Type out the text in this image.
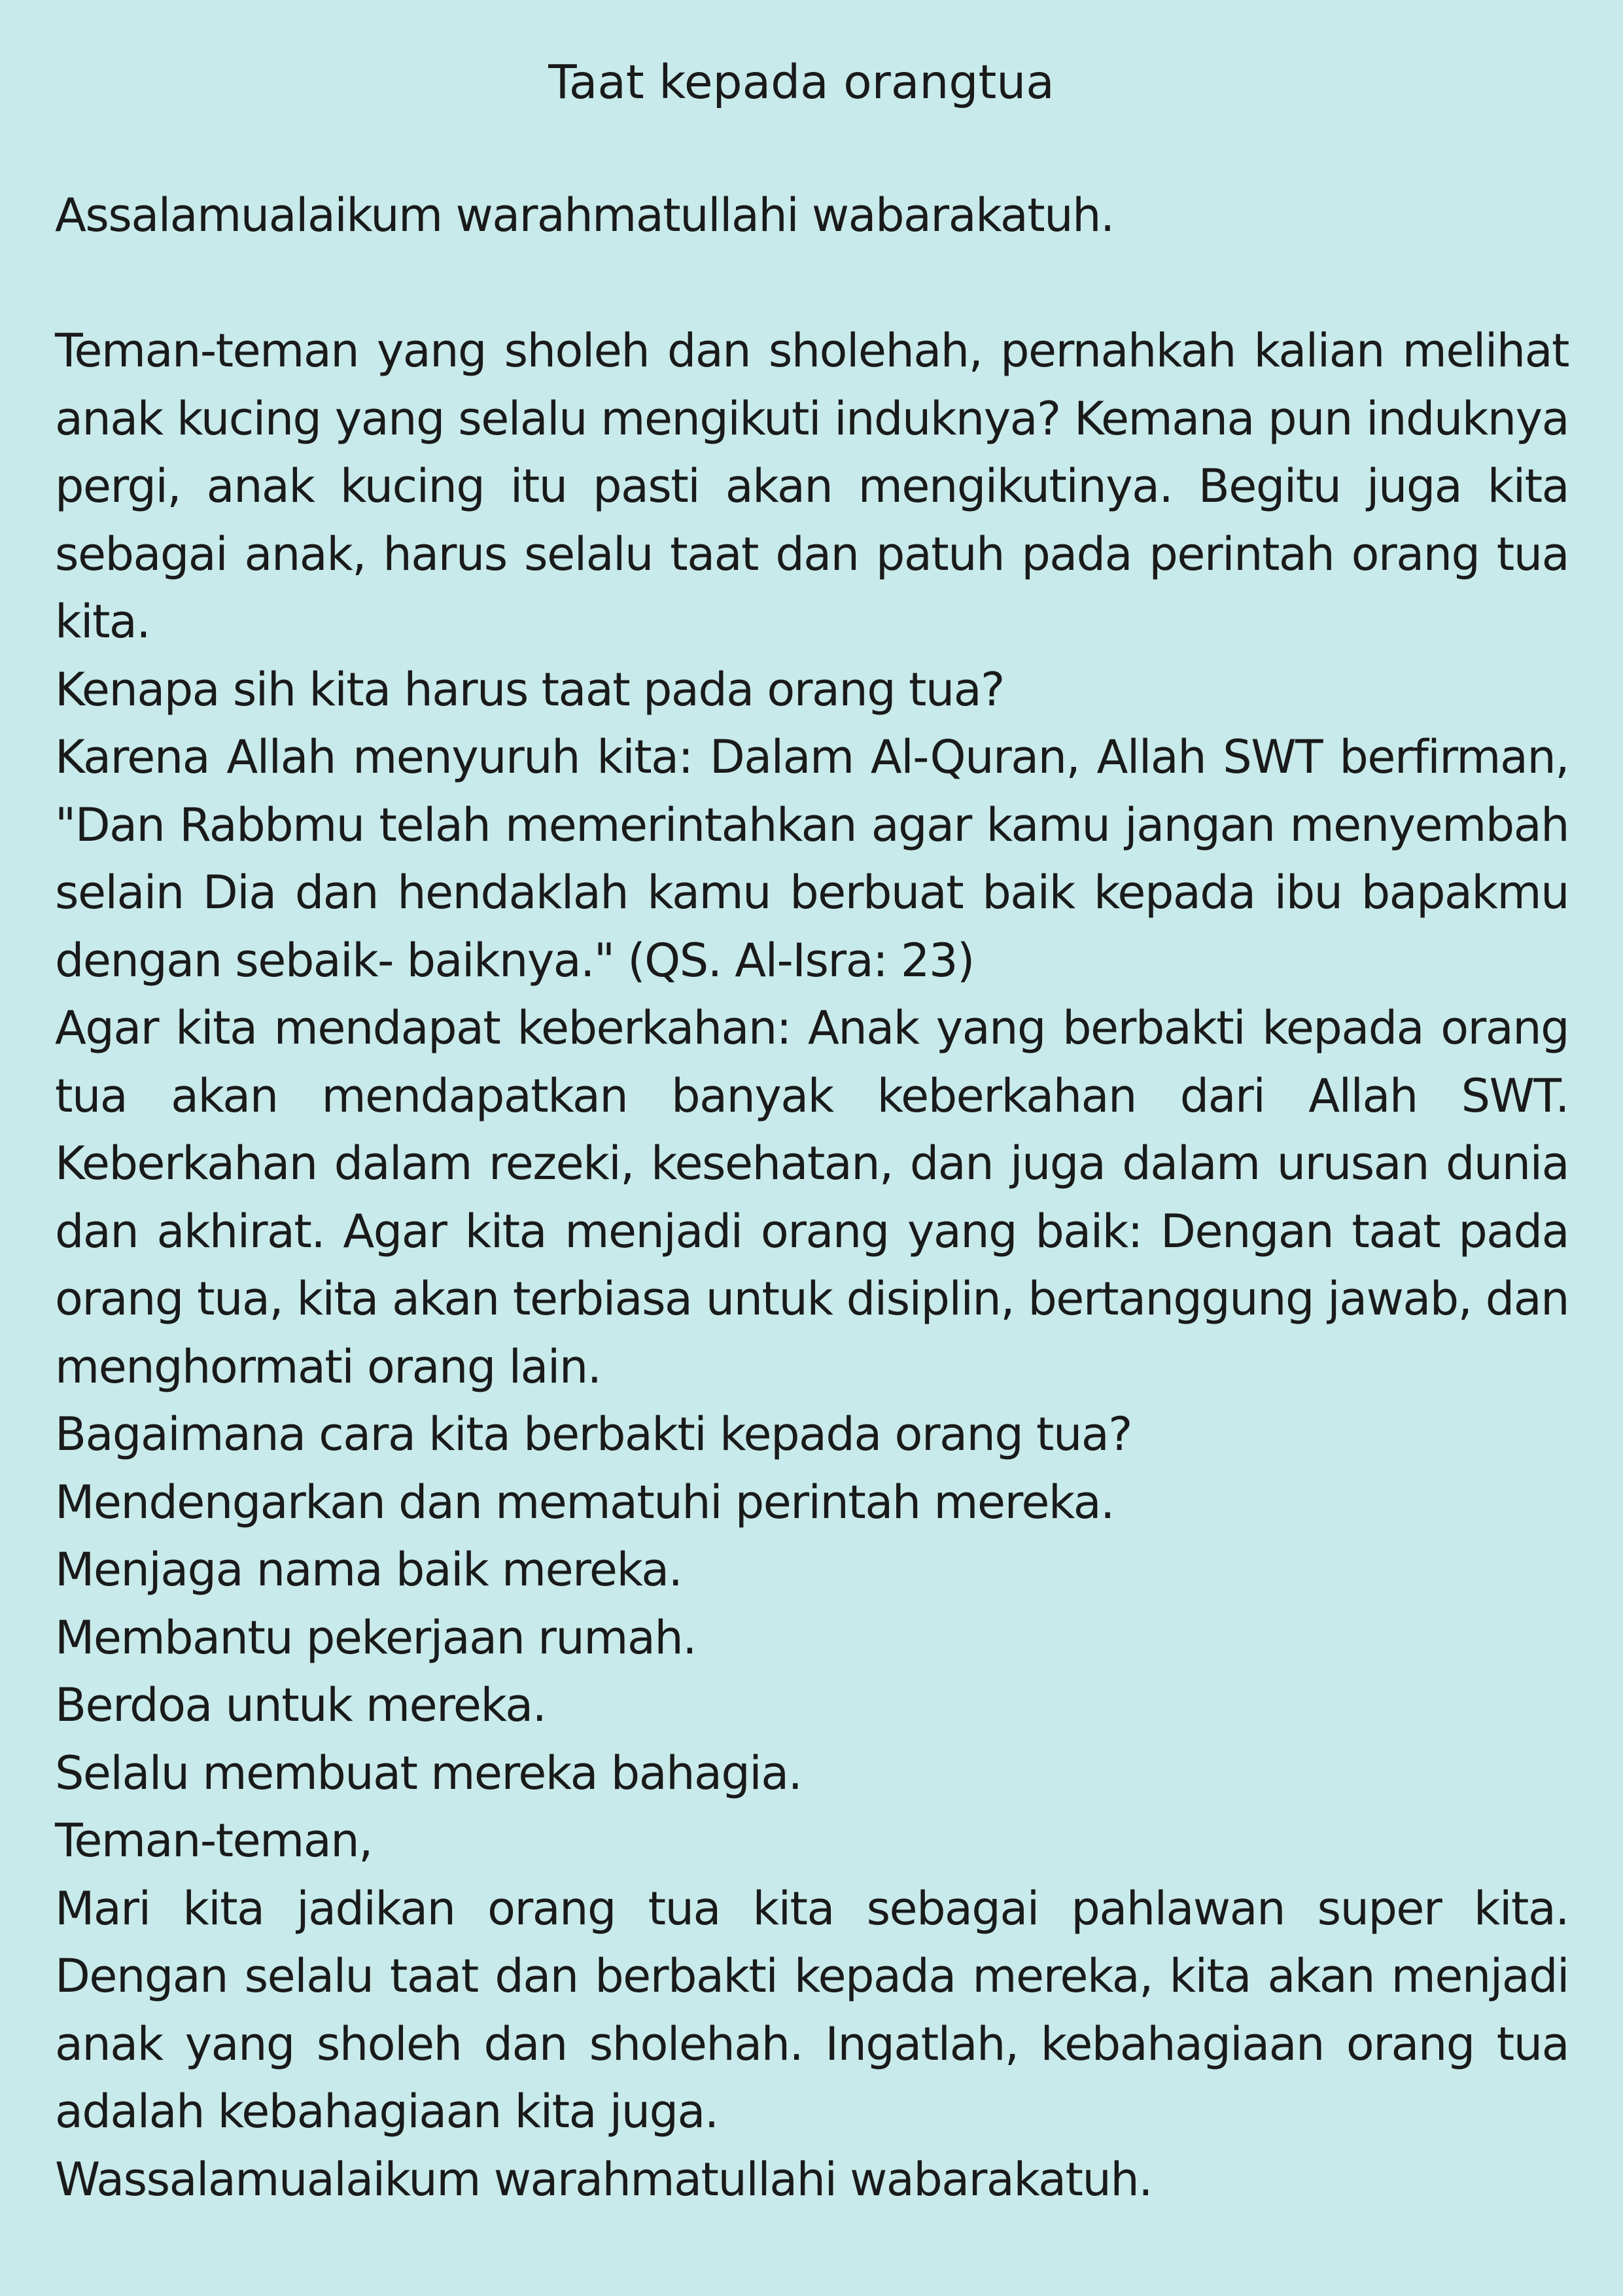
Taat kepada orangtua

Assalamualaikum warahmatullahi wabarakatuh.

Teman-teman yang sholeh dan sholehah, pernahkah kalian melihat anak kucing yang selalu mengikuti induknya? Kemana pun induknya pergi, anak kucing itu pasti akan mengikutinya. Begitu juga kita sebagai anak, harus selalu taat dan patuh pada perintah orang tua kita.

Kenapa sih kita harus taat pada orang tua?

Karena Allah menyuruh kita: Dalam Al-Quran, Allah SWT berfirman, "Dan Rabbmu telah memerintahkan agar kamu jangan menyembah selain Dia dan hendaklah kamu berbuat baik kepada ibu bapakmu dengan sebaik- baiknya." (QS. Al-Isra: 23)

Agar kita mendapat keberkahan: Anak yang berbakti kepada orang tua akan mendapatkan banyak keberkahan dari Allah SWT. Keberkahan dalam rezeki, kesehatan, dan juga dalam urusan dunia dan akhirat. Agar kita menjadi orang yang baik: Dengan taat pada orang tua, kita akan terbiasa untuk disiplin, bertanggung jawab, dan menghormati orang lain.

Bagaimana cara kita berbakti kepada orang tua?

Mendengarkan dan mematuhi perintah mereka.

Menjaga nama baik mereka.

Membantu pekerjaan rumah.

Berdoa untuk mereka.

Selalu membuat mereka bahagia.

Teman-teman,

Mari kita jadikan orang tua kita sebagai pahlawan super kita. Dengan selalu taat dan berbakti kepada mereka, kita akan menjadi anak yang sholeh dan sholehah. Ingatlah, kebahagiaan orang tua adalah kebahagiaan kita juga.

Wassalamualaikum warahmatullahi wabarakatuh.
